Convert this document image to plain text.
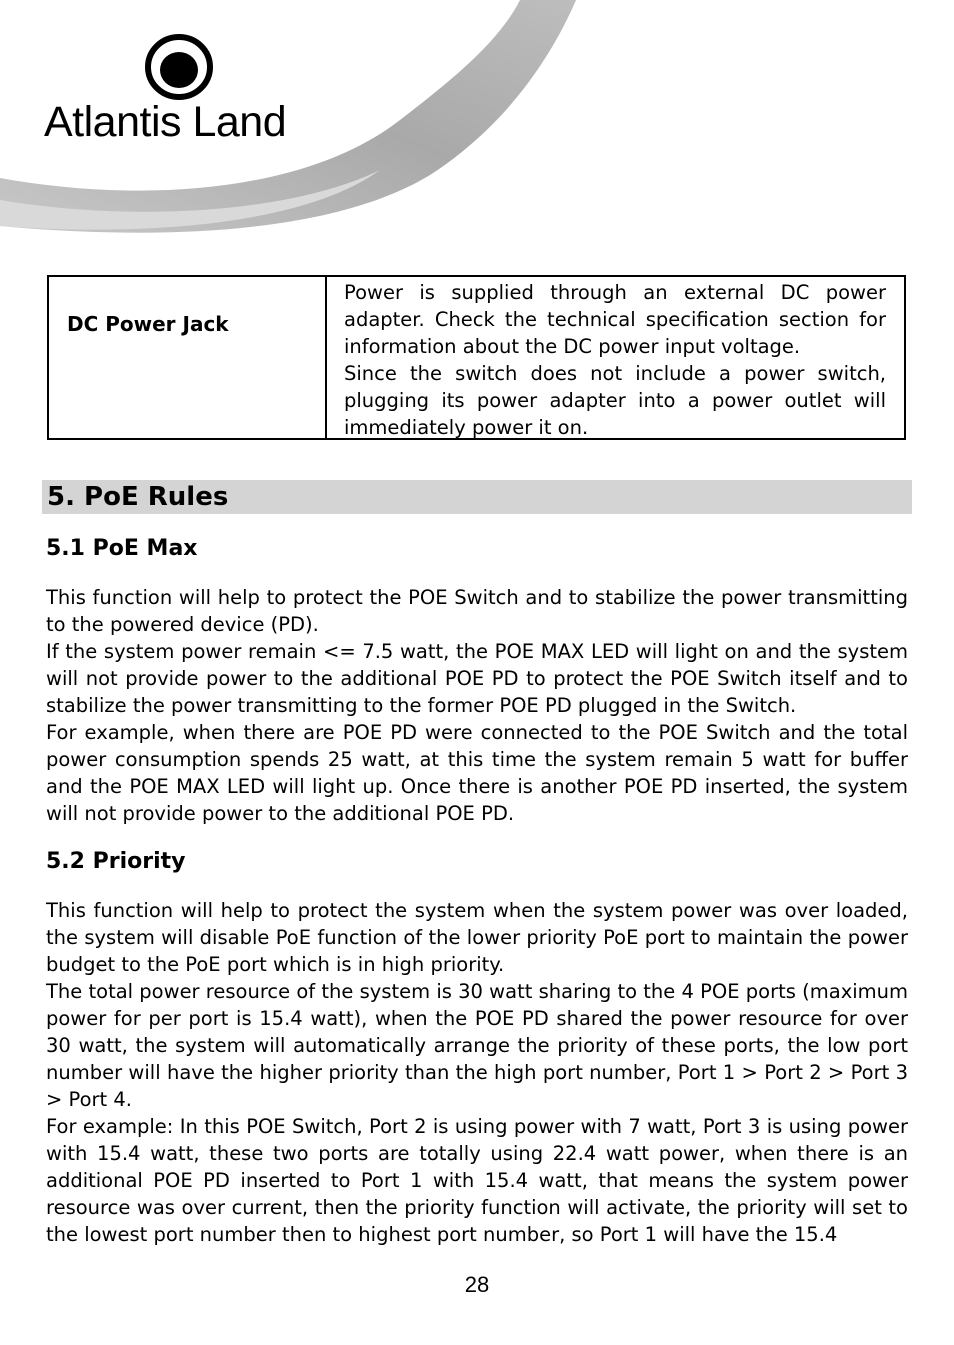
Atlantis Land
DC Power Jack

Power is supplied through an external DC power adapter. Check the technical specification section for information about the DC power input voltage.

Since the switch does not include a power switch, plugging its power adapter into a power outlet will immediately power it on.

5. PoE Rules
5.1 PoE Max

This function will help to protect the POE Switch and to stabilize the power transmitting to the powered device (PD).

If the system power remain <= 7.5 watt, the POE MAX LED will light on and the system will not provide power to the additional POE PD to protect the POE Switch itself and to stabilize the power transmitting to the former POE PD plugged in the Switch.

For example, when there are POE PD were connected to the POE Switch and the total power consumption spends 25 watt, at this time the system remain 5 watt for buffer and the POE MAX LED will light up. Once there is another POE PD inserted, the system will not provide power to the additional POE PD.

5.2 Priority

This function will help to protect the system when the system power was over loaded, the system will disable PoE function of the lower priority PoE port to maintain the power budget to the PoE port which is in high priority.

The total power resource of the system is 30 watt sharing to the 4 POE ports (maximum power for per port is 15.4 watt), when the POE PD shared the power resource for over 30 watt, the system will automatically arrange the priority of these ports, the low port number will have the higher priority than the high port number, Port 1 > Port 2 > Port 3 > Port 4.

For example: In this POE Switch, Port 2 is using power with 7 watt, Port 3 is using power with 15.4 watt, these two ports are totally using 22.4 watt power, when there is an additional POE PD inserted to Port 1 with 15.4 watt, that means the system power resource was over current, then the priority function will activate, the priority will set to the lowest port number then to highest port number, so Port 1 will have the 15.4

28
